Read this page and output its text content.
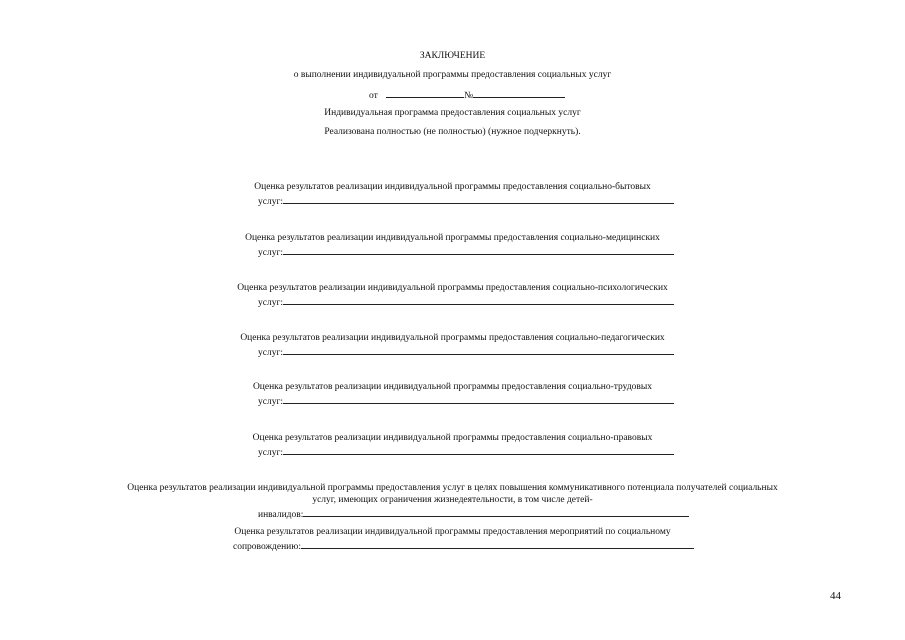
ЗАКЛЮЧЕНИЕ
о выполнении индивидуальной программы предоставления социальных услуг
от	№
Индивидуальная программа предоставления социальных услуг
Реализована полностью (не полностью) (нужное подчеркнуть).
Оценка результатов реализации индивидуальной программы предоставления социально-бытовых
услуг:
Оценка результатов реализации индивидуальной программы предоставления социально-медицинских
услуг:
Оценка результатов реализации индивидуальной программы предоставления социально-психологических
услуг:
Оценка результатов реализации индивидуальной программы предоставления социально-педагогических
услуг:
Оценка результатов реализации индивидуальной программы предоставления социально-трудовых
услуг:
Оценка результатов реализации индивидуальной программы предоставления социально-правовых
услуг:
Оценка результатов реализации индивидуальной программы предоставления услуг в целях повышения коммуникативного потенциала получателей социальных
услуг, имеющих ограничения жизнедеятельности, в том числе детей-
инвалидов:
Оценка результатов реализации индивидуальной программы предоставления мероприятий по социальному
сопровождению:
44
